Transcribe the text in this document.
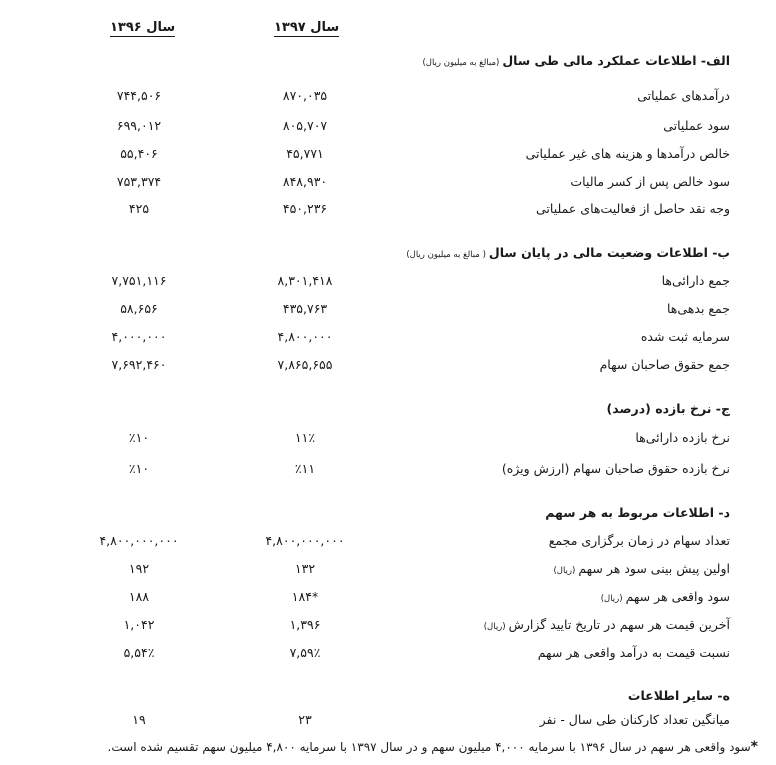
سال ۱۳۹۷
سال ۱۳۹۶
الف- اطلاعات عملکرد مالی طی سال(مبالغ به میلیون ریال)
درآمدهای عملیاتی
۸۷۰,۰۳۵
۷۴۴,۵۰۶
سود عملیاتی
۸۰۵,۷۰۷
۶۹۹,۰۱۲
خالص درآمدها و هزینه های غیر عملیاتی
۴۵,۷۷۱
۵۵,۴۰۶
سود خالص پس از کسر مالیات
۸۴۸,۹۳۰
۷۵۳,۳۷۴
وجه نقد حاصل از فعالیت‌های عملیاتی
۴۵۰,۲۳۶
۴۲۵
ب- اطلاعات وضعیت مالی در پایان سال( مبالغ به میلیون ریال)
جمع دارائی‌ها
۸,۳۰۱,۴۱۸
۷,۷۵۱,۱۱۶
جمع بدهی‌ها
۴۳۵,۷۶۳
۵۸,۶۵۶
سرمایه ثبت شده
۴,۸۰۰,۰۰۰
۴,۰۰۰,۰۰۰
جمع حقوق صاحبان سهام
۷,۸۶۵,۶۵۵
۷,۶۹۲,۴۶۰
ج- نرخ بازده (درصد)
نرخ بازده دارائی‌ها
۱۱٪
٪۱۰
نرخ بازده حقوق صاحبان سهام (ارزش ویژه)
٪۱۱
٪۱۰
د- اطلاعات مربوط به هر سهم
تعداد سهام در زمان برگزاری مجمع
۴,۸۰۰,۰۰۰,۰۰۰
۴,۸۰۰,۰۰۰,۰۰۰
اولین پیش بینی سود هر سهم(ریال)
۱۳۲
۱۹۲
سود واقعی هر سهم(ریال)
۱۸۴*
۱۸۸
آخرین قیمت هر سهم در تاریخ تایید گزارش(ریال)
۱,۳۹۶
۱,۰۴۲
نسبت قیمت به درآمد واقعی هر سهم
۷,۵۹٪
۵,۵۴٪
ه- سایر اطلاعات
میانگین تعداد کارکنان طی سال - نفر
۲۳
۱۹
*سود واقعی هر سهم در سال ۱۳۹۶ با سرمایه ۴,۰۰۰ میلیون سهم و در سال ۱۳۹۷ با سرمایه ۴,۸۰۰ میلیون سهم تقسیم شده است.
